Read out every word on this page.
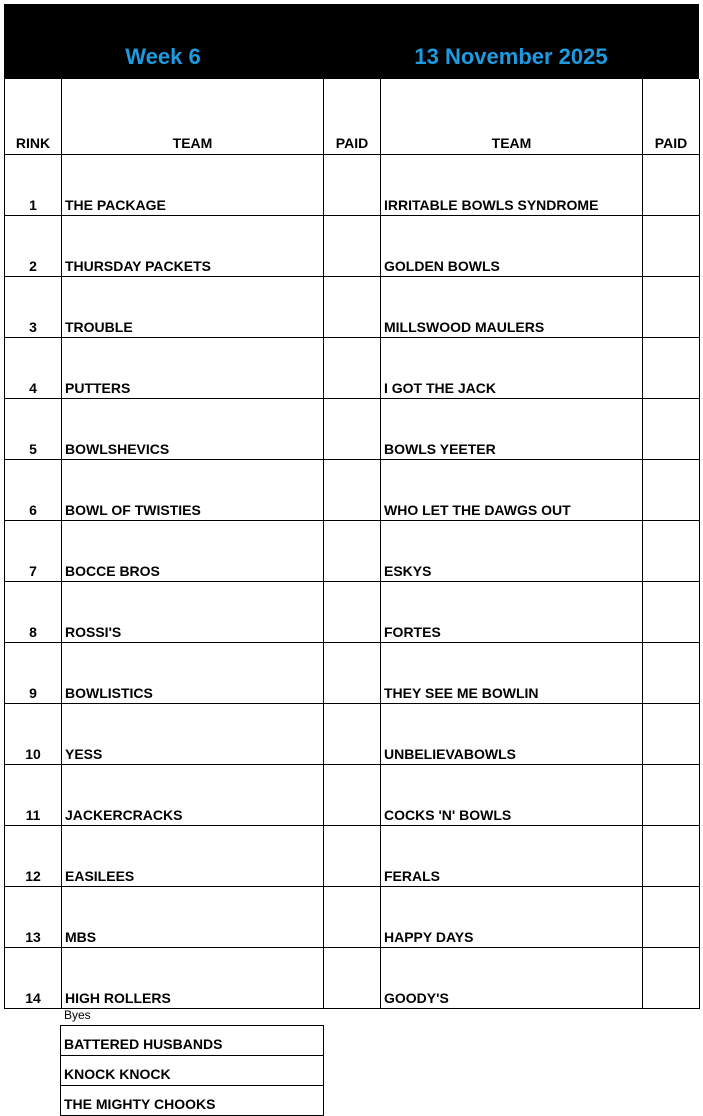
Week 6	13 November 2025
RINK	TEAM	PAID	TEAM	PAID
1	THE PACKAGE		IRRITABLE BOWLS SYNDROME	
2	THURSDAY PACKETS		GOLDEN BOWLS	
3	TROUBLE		MILLSWOOD MAULERS	
4	PUTTERS		I GOT THE JACK	
5	BOWLSHEVICS		BOWLS YEETER	
6	BOWL OF TWISTIES		WHO LET THE DAWGS OUT	
7	BOCCE BROS		ESKYS	
8	ROSSI'S		FORTES	
9	BOWLISTICS		THEY SEE ME BOWLIN	
10	YESS		UNBELIEVABOWLS	
11	JACKERCRACKS		COCKS 'N' BOWLS	
12	EASILEES		FERALS	
13	MBS		HAPPY DAYS	
14	HIGH ROLLERS		GOODY'S	
Byes
BATTERED HUSBANDS
KNOCK KNOCK
THE MIGHTY CHOOKS
